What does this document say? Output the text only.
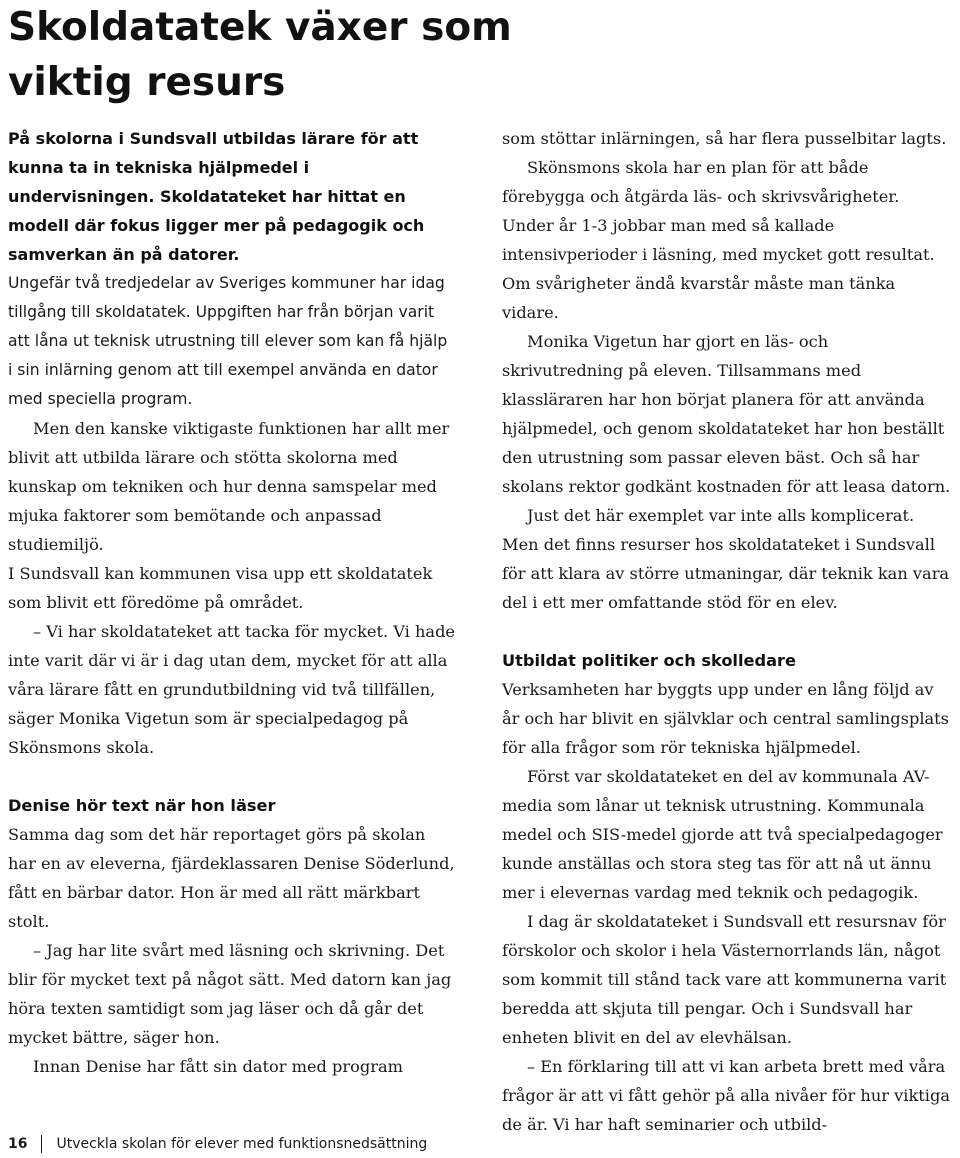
Skoldatatek växer som viktig resurs

På skolorna i Sundsvall utbildas lärare för att kunna ta in tekniska hjälpmedel i undervisningen. Skoldatateket har hittat en modell där fokus ligger mer på pedagogik och samverkan än på datorer.

Ungefär två tredjedelar av Sveriges kommuner har idag tillgång till skoldatatek. Uppgiften har från början varit att låna ut teknisk utrustning till elever som kan få hjälp i sin inlärning genom att till exempel använda en dator med speciella program.

Men den kanske viktigaste funktionen har allt mer blivit att utbilda lärare och stötta skolorna med kunskap om tekniken och hur denna samspelar med mjuka faktorer som bemötande och anpassad studiemiljö.

I Sundsvall kan kommunen visa upp ett skoldatatek som blivit ett föredöme på området.

– Vi har skoldatateket att tacka för mycket. Vi hade inte varit där vi är i dag utan dem, mycket för att alla våra lärare fått en grundutbildning vid två tillfällen, säger Monika Vigetun som är specialpedagog på Skönsmons skola.

Denise hör text när hon läser

Samma dag som det här reportaget görs på skolan har en av eleverna, fjärdeklassaren Denise Söderlund, fått en bärbar dator. Hon är med all rätt märkbart stolt.

– Jag har lite svårt med läsning och skrivning. Det blir för mycket text på något sätt. Med datorn kan jag höra texten samtidigt som jag läser och då går det mycket bättre, säger hon.

Innan Denise har fått sin dator med program

som stöttar inlärningen, så har flera pusselbitar lagts.

Skönsmons skola har en plan för att både förebygga och åtgärda läs- och skrivsvårigheter. Under år 1-3 jobbar man med så kallade intensivperioder i läsning, med mycket gott resultat. Om svårigheter ändå kvarstår måste man tänka vidare.

Monika Vigetun har gjort en läs- och skrivutredning på eleven. Tillsammans med klassläraren har hon börjat planera för att använda hjälpmedel, och genom skoldatateket har hon beställt den utrustning som passar eleven bäst. Och så har skolans rektor godkänt kostnaden för att leasa datorn.

Just det här exemplet var inte alls komplicerat. Men det finns resurser hos skoldatateket i Sundsvall för att klara av större utmaningar, där teknik kan vara del i ett mer omfattande stöd för en elev.

Utbildat politiker och skolledare

Verksamheten har byggts upp under en lång följd av år och har blivit en självklar och central samlingsplats för alla frågor som rör tekniska hjälpmedel.

Först var skoldatateket en del av kommunala AV-media som lånar ut teknisk utrustning. Kommunala medel och SIS-medel gjorde att två specialpedagoger kunde anställas och stora steg tas för att nå ut ännu mer i elevernas vardag med teknik och pedagogik.

I dag är skoldatateket i Sundsvall ett resursnav för förskolor och skolor i hela Västernorrlands län, något som kommit till stånd tack vare att kommunerna varit beredda att skjuta till pengar. Och i Sundsvall har enheten blivit en del av elevhälsan.

– En förklaring till att vi kan arbeta brett med våra frågor är att vi fått gehör på alla nivåer för hur viktiga de är. Vi har haft seminarier och utbild-

16 Utveckla skolan för elever med funktionsnedsättning
